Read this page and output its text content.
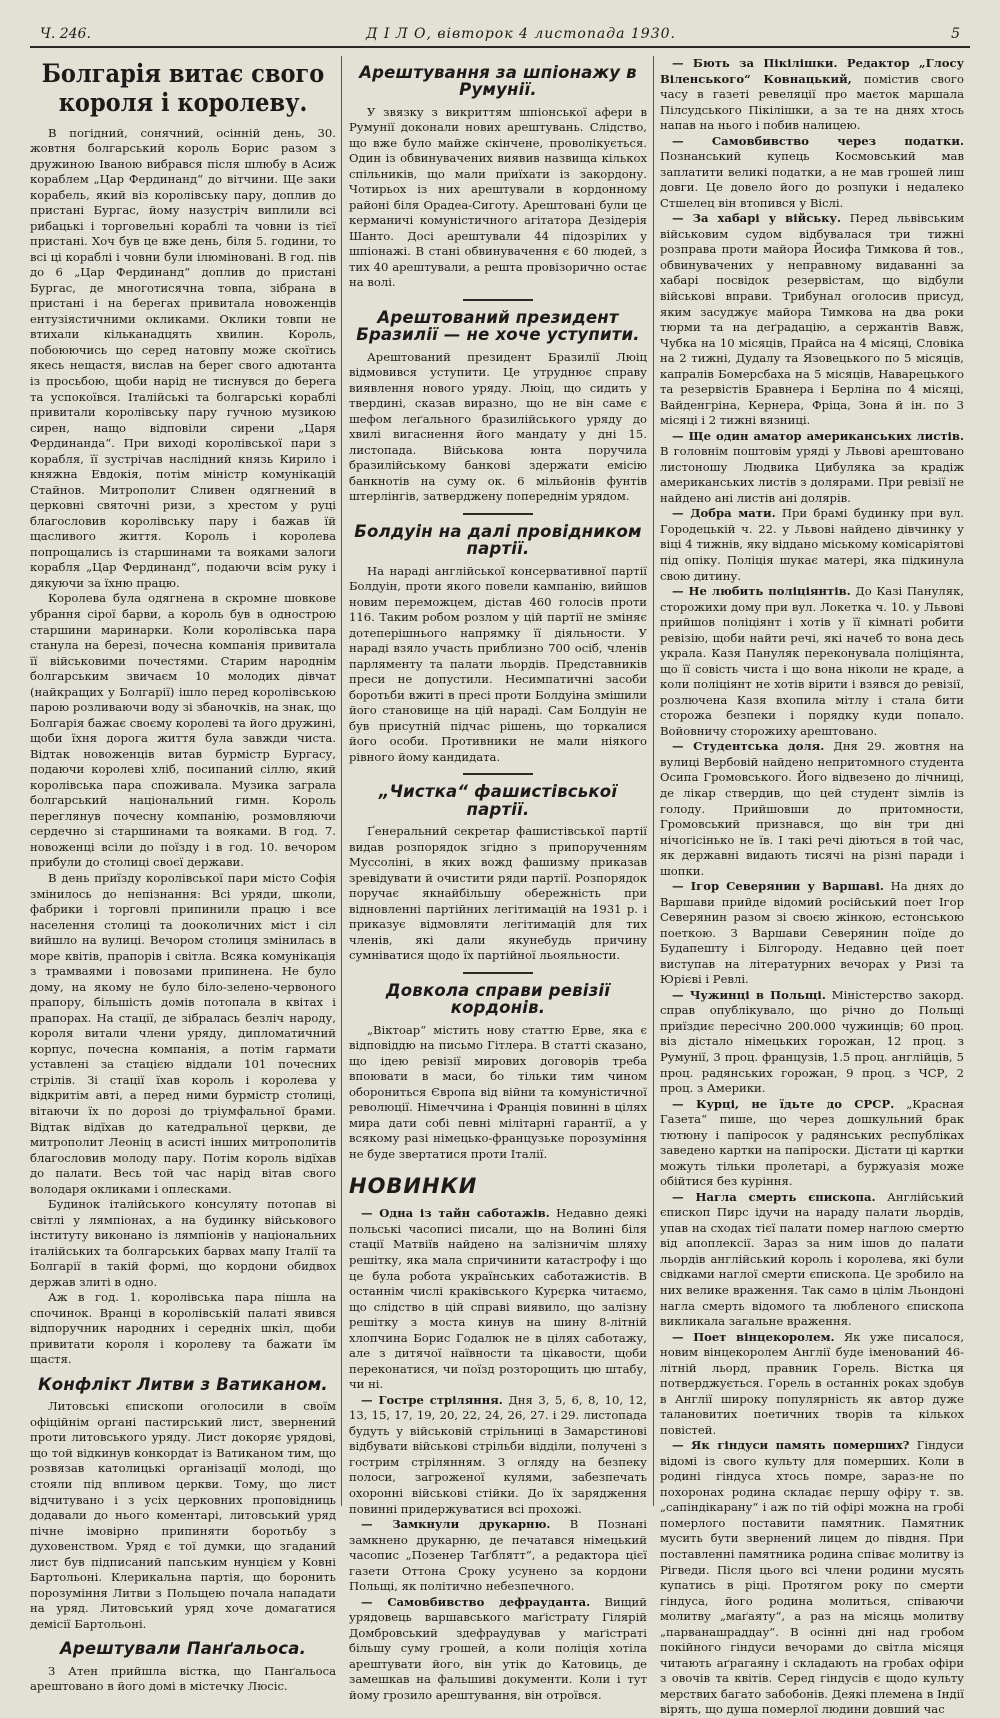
Ч. 246.	Д І Л О, вівторок 4 листопада 1930.	5
Болгарія витає свого короля і королеву.

В погідний, сонячний, осінній день, 30. жовтня болгарський король Борис разом з дружиною Іваною вибрався після шлюбу в Асиж кораблем „Цар Фердинанд“ до вітчини. Ще заки корабель, який віз королівську пару, доплив до пристані Бургас, йому назустріч виплили всі рибацькі і торговельні кораблі та човни із тієї пристані. Хоч був це вже день, біля 5. години, то всі ці кораблі і човни були ілюміновані. В год. пів до 6 „Цар Фердинанд“ доплив до пристані Бургас, де многотисячна товпа, зібрана в пристані і на берегах привитала новоженців ентузіястичними окликами. Оклики товпи не втихали кільканадцять хвилин. Король, побоюючись що серед натовпу може скоїтись якесь нещастя, вислав на берег свого адютанта із просьбою, щоби нарід не тиснувся до берега та успокоївся. Італійські та болгарські кораблі привитали королівську пару гучною музикою сирен, нащо відповіли сирени „Царя Фердинанда“. При виході королівської пари з корабля, її зустрічав наслідний князь Кирило і княжна Евдокія, потім міністр комунікацій Стайнов. Митрополит Сливен одягнений в церковні святочні ризи, з хрестом у руці благословив королівську пару і бажав їй щасливого життя. Король і королева попрощались із старшинами та вояками залоги корабля „Цар Фердинанд“, подаючи всім руку і дякуючи за їхню працю.

Королева була одягнена в скромне шовкове убрання сірої барви, а король був в однострою старшини маринарки. Коли королівська пара станула на березі, почесна компанія привитала її військовими почестями. Старим народнім болгарським звичаєм 10 молодих дівчат (найкращих у Болгарії) ішло перед королівською парою розливаючи воду зі збаночків, на знак, що Болгарія бажає своєму королеві та його дружині, щоби їхня дорога життя була завжди чиста. Відтак новоженців витав бурмістр Бургасу, подаючи королеві хліб, посипаний сіллю, який королівська пара споживала. Музика заграла болгарський національний гимн. Король переглянув почесну компанію, розмовляючи сердечно зі старшинами та вояками. В год. 7. новоженці всіли до поїзду і в год. 10. вечором прибули до столиці своєї держави.

В день приїзду королівської пари місто Софія змінилось до непізнання: Всі уряди, школи, фабрики і торговлі припинили працю і все населення столиці та дооколичних міст і сіл вийшло на вулиці. Вечором столиця змінилась в море квітів, прапорів і світла. Всяка комунікація з трамваями і повозами припинена. Не було дому, на якому не було біло-зелено-червоного прапору, більшість домів потопала в квітах і прапорах. На стації, де зібралась безліч народу, короля витали члени уряду, дипломатичний корпус, почесна компанія, а потім гармати уставлені за стацією віддали 101 почесних стрілів. Зі стації їхав король і королева у відкритім авті, а перед ними бурмістр столиці, вітаючи їх по дорозі до тріумфальної брами. Відтак відїхав до катедральної церкви, де митрополит Леоніц в асисті інших митрополитів благословив молоду пару. Потім король відїхав до палати. Весь той час нарід вітав свого володаря окликами і оплесками.

Будинок італійського консуляту потопав ві світлі у лямпіонах, а на будинку військового інституту виконано із лямпіонів у національних італійських та болгарських барвах мапу Італії та Болгарії в такій формі, що кордони обидвох держав злиті в одно.

Аж в год. 1. королівська пара пішла на спочинок. Вранці в королівській палаті явився відпоручник народних і середніх шкіл, щоби привитати короля і королеву та бажати їм щастя.

Конфлікт Литви з Ватиканом.

Литовські єпископи оголосили в своїм офіційнім органі пастирський лист, звернений проти литовського уряду. Лист докоряє урядові, що той відкинув конкордат із Ватиканом тим, що розвязав католицькі організації молоді, що стояли під впливом церкви. Тому, що лист відчитувано і з усіх церковних проповідниць додавали до нього коментарі, литовський уряд пічне імовірно припиняти боротьбу з духовенством. Уряд є тої думки, що згаданий лист був підписаний папським нунцієм у Ковні Бартольоні. Клерикальна партія, що боронить порозуміння Литви з Польщею почала нападати на уряд. Литовський уряд хоче домагатися демісії Бартольоні.

Арештували Панґальоса.

З Атен прийшла вістка, що Панґальоса арештовано в його домі в містечку Люсіс.

Арештування за шпіонажу в Румунії.

У звязку з викриттям шпіонської афери в Румунії доконали нових арештувань. Слідство, що вже було майже скінчене, проволікується. Один із обвинувачених виявив назвища кількох спільників, що мали приїхати із закордону. Чотирьох із них арештували в кордонному районі біля Орадеа-Сиготу. Арештовані були це керманичі комуністичного агітатора Дезідерія Шанто. Досі арештували 44 підозрілих у шпіонажі. В стані обвинувачення є 60 людей, з тих 40 арештували, а решта провізорично остає на волі.

Арештований президент Бразилії — не хоче уступити.

Арештований президент Бразилії Люіц відмовився уступити. Це утруднює справу виявлення нового уряду. Люіц, що сидить у твердині, сказав виразно, що не він саме є шефом леґального бразилійського уряду до хвилі вигаснення його мандату у дні 15. листопада. Військова юнта поручила бразилійському банкові здержати емісію банкнотів на суму ок. 6 мільйонів фунтів штерлінгів, затверджену попереднім урядом.

Болдуін на далі провідником партії.

На нараді англійської консервативної партії Болдуін, проти якого повели кампанію, вийшов новим переможцем, дістав 460 голосів проти 116. Таким робом розлом у цій партії не зміняє дотеперішнього напрямку її діяльности. У нараді взяло участь приблизно 700 осіб, членів парляменту та палати льордів. Представників преси не допустили. Несимпатичні засоби боротьби вжиті в пресі проти Болдуіна змішили його становище на цій нараді. Сам Болдуін не був присутній підчас рішень, що торкалися його особи. Противники не мали ніякого рівного йому кандидата.

„Чистка“ фашистівської партії.

Ґенеральний секретар фашистівської партії видав розпорядок згідно з припорученням Муссоліні, в яких вожд фашизму приказав зревідувати й очистити ряди партії. Розпорядок поручає якнайбільшу обережність при відновленні партійних легітимацій на 1931 р. і приказує відмовляти легітимацій для тих членів, які дали якунебудь причину сумніватися щодо їх партійної льояльности.

Довкола справи ревізії кордонів.

„Віктоар“ містить нову статтю Ерве, яка є відповіддю на письмо Гітлера. В статті сказано, що ідею ревізії мирових договорів треба впоювати в маси, бо тільки тим чином оборониться Європа від війни та комуністичної революції. Німеччина і Франція повинні в цілях мира дати собі певні мілітарні гарантії, а у всякому разі німецько-французьке порозуміння не буде звертатися проти Італії.

НОВИНКИ

— Одна із тайн саботажів. Недавно деякі польські часописі писали, що на Волині біля стації Матвіїв найдено на залізничім шляху решітку, яка мала спричинити катастрофу і що це була робота українських саботажистів. В останнім числі краківського Курєрка читаємо, що слідство в цій справі виявило, що залізну решітку з моста кинув на шину 8-літній хлопчина Борис Годалюк не в цілях саботажу, але з дитячої наївности та цікавости, щоби переконатися, чи поїзд розторощить цю штабу, чи ні.

— Гостре стріляння. Дня 3, 5, 6, 8, 10, 12, 13, 15, 17, 19, 20, 22, 24, 26, 27. і 29. листопада будуть у військовій стрільниці в Замарстинові відбувати військові стрільби відділи, получені з гострим стрілянням. З огляду на безпеку полоси, загроженої кулями, забезпечать охоронні військові стійки. До їх зарядження повинні придержуватися всі прохожі.

— Замкнули друкарню. В Познані замкнено друкарню, де печатався німецький часопис „Позенер Таґблятт“, а редактора цієї газети Оттона Сроку усунено за кордони Польщі, як політично небезпечного.

— Самовбивство дефраудантa. Вищий урядовець варшавського маґістрату Гілярій Домбровський здефраудував у маґістраті більшу суму грошей, а коли поліція хотіла арештувати його, він утік до Катовиць, де замешкав на фальшиві документи. Коли і тут йому грозило арештування, він отроївся.

— Бють за Пікілішки. Редактор „Глосу Віленського“ Ковнацький, помістив свого часу в газеті ревеляції про маєток маршала Пілсудського Пікілішки, а за те на днях хтось напав на нього і побив налицею.

— Самовбивство через податки. Познанський купець Космовський мав заплатити великі податки, а не мав грошей лиш довги. Це довело його до розпуки і недалеко Стшелец він втопився у Віслі.

— За хабарі у війську. Перед львівським військовим судом відбувалася три тижні розправа проти майора Йосифа Тимкова й тов., обвинувачених у неправному видаванні за хабарі посвідок резервістам, що відбули військові вправи. Трибунал оголосив присуд, яким засуджує майора Тимкова на два роки тюрми та на деґрадацію, а сержантів Вавж, Чубка на 10 місяців, Прайса на 4 місяці, Словіка на 2 тижні, Дудалу та Язовецького по 5 місяців, капралів Бомерсбаха на 5 місяців, Наварецького та резервістів Бравнера і Берліна по 4 місяці, Вайденгріна, Кернера, Фріца, Зона й ін. по 3 місяці і 2 тижні вязниці.

— Ще один аматор американських листів. В головнім поштовім уряді у Львові арештовано листоношу Людвика Цибуляка за крадіж американських листів з долярами. При ревізії не найдено ані листів ані долярів.

— Добра мати. При брамі будинку при вул. Городецькій ч. 22. у Львові найдено дівчинку у віці 4 тижнів, яку віддано міському комісаріятові під опіку. Поліція шукає матері, яка підкинула свою дитину.

— Не любить поліціянтів. До Казі Пануляк, сторожихи дому при вул. Локетка ч. 10. у Львові прийшов поліціянт і хотів у її кімнаті робити ревізію, щоби найти речі, які начеб то вона десь украла. Казя Пануляк переконувала поліціянта, що її совість чиста і що вона ніколи не краде, а коли поліціянт не хотів вірити і взявся до ревізії, розлючена Казя вхопила мітлу і стала бити сторожа безпеки і порядку куди попало. Войовничу сторожиху арештовано.

— Студентська доля. Дня 29. жовтня на вулиці Вербовій найдено непритомного студента Осипа Громовського. Його відвезено до лічниці, де лікар ствердив, що цей студент зімлів із голоду. Прийшовши до притомности, Громовський признався, що він три дні нічогісінько не їв. І такі речі діються в той час, як державні видають тисячі на різні паради і шопки.

— Ігор Северянин у Варшаві. На днях до Варшави прийде відомий російський поет Ігор Северянин разом зі своєю жінкою, естонською поеткою. З Варшави Северянин поїде до Будапешту і Білгороду. Недавно цей поет виступав на літературних вечорах у Ризі та Юрієві і Ревлі.

— Чужинці в Польщі. Міністерство закорд. справ опублікувало, що річно до Польщі приїздиє пересічно 200.000 чужинців; 60 проц. віз дістало німецьких горожан, 12 проц. з Румунії, 3 проц. французів, 1.5 проц. англійців, 5 проц. радянських горожан, 9 проц. з ЧСР, 2 проц. з Америки.

— Курці, не їдьте до СРСР. „Красная Газета“ пише, що через дошкульний брак тютюну і папіросок у радянських республіках заведено картки на папіроски. Дістати ці картки можуть тільки пролетарі, а буржуазія може обійтися без куріння.

— Нагла смерть єпископа. Англійський єпископ Пирс ідучи на нараду палати льордів, упав на сходах тієї палати помер наглою смертю від апоплексії. Зараз за ним ішов до палати льордів англійський король і королева, які були свідками наглої смерти єпископа. Це зробило на них велике враження. Так само в цілім Льондоні нагла смерть відомого та любленого єпископа викликала загальне враження.

— Поет вінцекоролем. Як уже писалося, новим вінцекоролем Англії буде іменований 46-літній льорд, правник Горель. Вістка ця потверджується. Горель в останніх роках здобув в Англії широку популярність як автор дуже талановитих поетичних творів та кількох повістей.

— Як гіндуси память померших? Гіндуси відомі із свого культу для померших. Коли в родині гіндуса хтось помре, зараз-не по похоронах родина складає першу офіру т. зв. „сапіндікарану“ і аж по тій офірі можна на гробі померлого поставити памятник. Памятник мусить бути звернений лицем до півдня. При поставленні памятника родина співає молитву із Рігведи. Після цього всі члени родини мусять купатись в ріці. Протягом року по смерти гіндуса, його родина молиться, співаючи молитву „маґаяту“, а раз на місяць молитву „парванашраддау“. В осінні дні над гробом покійного гіндуси вечорами до світла місяця читають аґрагаяну і складають на гробах офіри з овочів та квітів. Серед гіндусів є щодо культу мерствих багато забобонів. Деякі племена в Індії вірять, що душа померлої людини довший час
